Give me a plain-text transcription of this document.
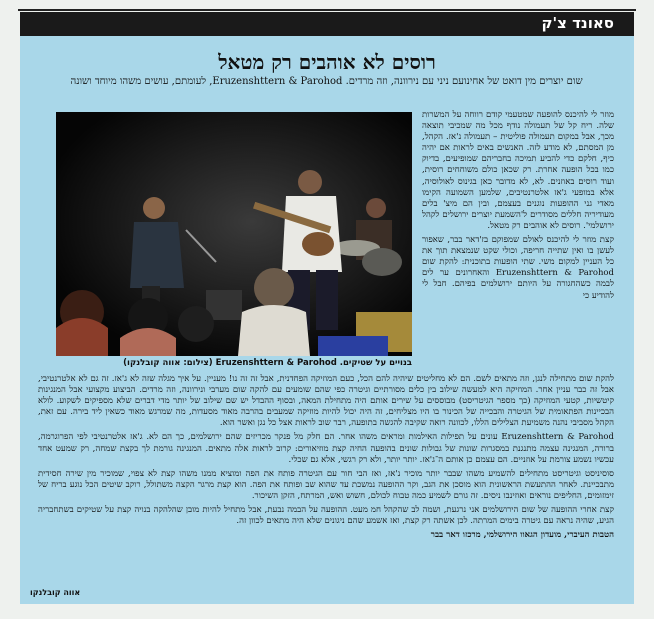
סאונד צ'ק
רוסים לא אוהבים רק מטאל
שום יוצרים מין דואט של אחינועם ניני עם נירוונה, וזה מרדים. Eruzenshttern & Parohod, לעומתם, עושים משהו מיוחד ושונה
בנויים על שטיקים. Eruzenshttern & Parohod (צילום: אווה קובלנקו)

מוזר לי להיכנס להופעה שמטעמי קודם רווחה על המשרות שלה. ריח קל של תעמולה נודף מכל מה שמכיבי תוצאה מכך, אבל במקום תעמולה פוליטית – תעמולה נ'אז. הקהל, מן המסתם, לא מודע לזה. האנשים באים לראות אם יהיה כיף, חלקם כדי להביע תמיכה בחבריהם שמופיעים, בדיוק כמו בכל הופעה אחרת. רק שכאן כולם משוחחים רוסית, ועוד רוסים באוזנים. לא, לא מדובר כאן בגינוס לאולוסיה, אלא במופעי ג'אז אלטרנטיבים, שלמען השמועה הקימו מאדי גני ההופעות נוגנים בעצמם, ובין הם מיצ' בלים מעודיריה חללים מסודרים ל'השמעת יוצרים ירושלים לקהל ירושלמי'. רוסים לא אוהבים רק מטאל.

קצת מוזר לי להיכנס לאולם שמפוקם בז'דאר בבר, שאפור לעשן בו ואין שתייה חריפה, וכולי שקט שנמצאת תוך את כל העניין למקום משי. שתי הופעות בתוכנית: להקת שום Eruzenshttern & Parohod והאחרונים ער לים לבמה כשהחגורה על היותם ירושלמים בפיהם. חבל לי להודיע כי

להקת שום מתחילה לנגן, וזה מתאים לשם. הם לא מחליטים שיהיה להם הכל, כעם המוזיקה הפחדנית, אבל זה זה נו! מעניין. על איך מגלה שזה לא ג'אז. זה גם לא אלטרנטיבי, אבל זה כבר עניין אחר. המוזיקה היא למעשה שילוב בין כלים מסורתיים וגיטרה כפי שהם שומעים עם להקה שום מערבי ונירוונה, וזה מרדים. הביצוע מקצועי אבל המנגינות קיטשיות, קטעי המוזיקה (כך מספר הגיטריסט) מבוססים על שירים אותם היה מתחילת המאה, ובסוף ההבדל יש שם שילוב של יותר מדי דברים שלא מספיקים לשקוע. לולא הבכיינות הפתאומית של הגיטרה והבכייה של הכינור בו היו מצליחים, זה היה יכול להיות מוזיקה שמעבים בהרבה מאוד מסעדות, מה שמרגש מאוד כשאין ליד בירה. עם זאת, הקהל מסביבי נהנה משמיעת הצלילים הללו, לכוונה רואה שקיבה להגשה בתופעה, רבר שוב לראות אצל כל נגן ואשר הוא.

Eruzenshttern & Parohod עונים על תפילות האילמות ומראים משהו אחר. הם חלק מל פנקר מכריזים שהם ירושלמים, כך הם לא. ג'אז אלטרנטיבי לפי הפרוגרמה, ברורה, המנגינה עצמה מתנגנת במסגרות שונות של גבולות שונים בהופעה החיה קצת מוזיאורים: קרוב לראות אלה מתאים. המנגינה גורמת לך בקצת שמחה, רק שמעט אחד עכשיו נשמע צורמת על אוזניים. הם עצמם כן אותם ה־ג'אז. יותר יותר, ולא רק רגשי, אלא גם שכלי.

סוסיניסט וגיטריסט מתחילים להשמיע משהו שבבר יותר מוכיר נ'אז, ואז הבי חור עם הגיטרה פותח את הפה ומוציא ממנו משהו קצת לא צפוי, שמוכיר מין שירה חסידית מתבכיינת. לאחר ההתעשת הראשונית הוא מוסכן את הגב, וקר ההופעה נמשכת עד שהוא שב ופותח את הפה. הוא קצת מרגר הקצה משתולל, רוקב שיטים הכל נוגע בריח של זימזומים, החליפים נוראים ואוזינבו ניסים. זה גורם לשמיע כמה טבוח לכולם, חשוש ואש, המרתח, הזקן השיכור.

קצת אחרי ההופעה של שום הירושלמים אני נרגעת, ושמה לב שהקהל חמ מעט. ההופעה על הבמה נבעת, אבל מתחיל להיות מובן שהלהקה בנויה קצת על שטיקים בשתחבריה הגיע, שהיה נראה עם גיטרה בימים המרתה. לכן אשתה רק קצת, ואז אשמע שהם ניגונים שלא היה מתאים לכוון זה.

הטבות העיברי, מועדון הגאוו הירושלמי, מרכזו דאר בבר

אווה קובלנקו
